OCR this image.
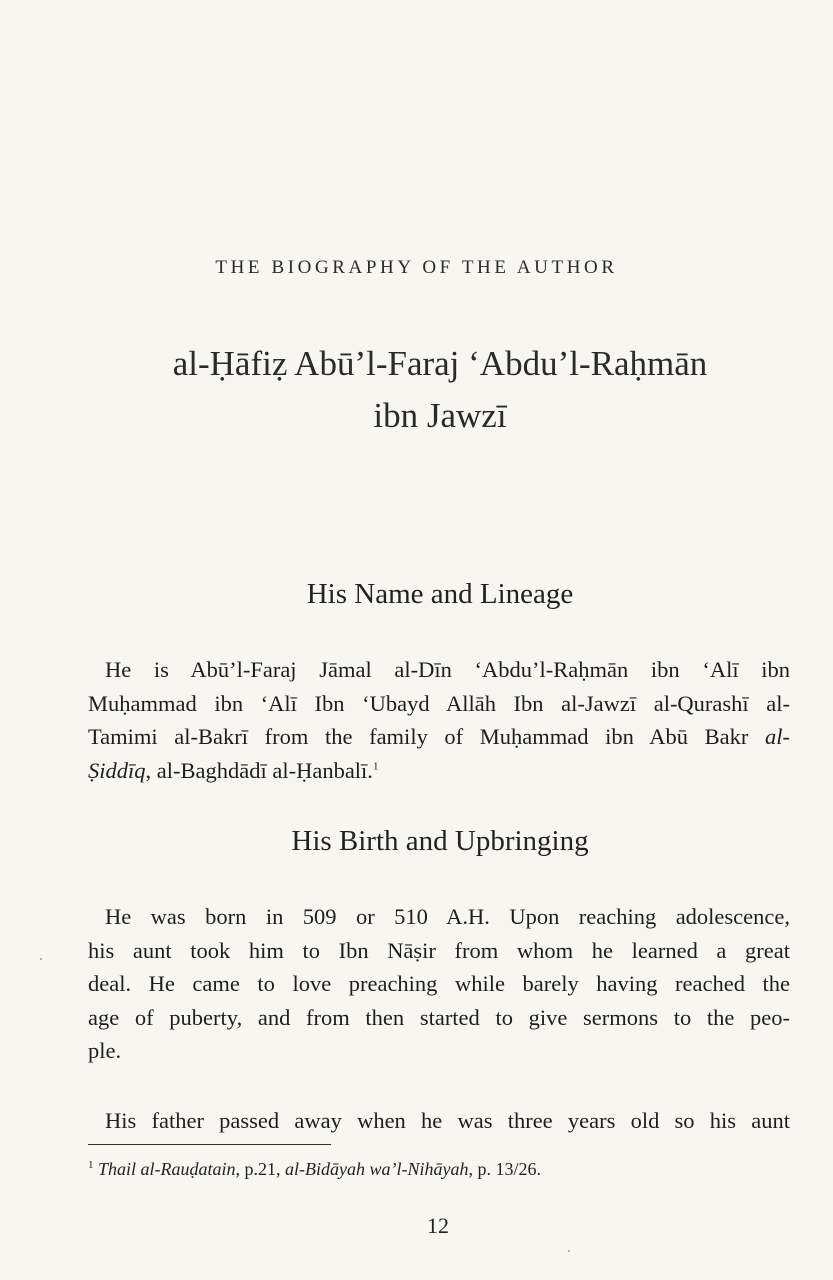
THE BIOGRAPHY OF THE AUTHOR
al-Ḥāfiẓ Abū’l-Faraj ‘Abdu’l-Raḥmān
ibn Jawzī
His Name and Lineage
He is Abū’l-Faraj Jāmal al-Dīn ‘Abdu’l-Raḥmān ibn ‘Alī ibn
Muḥammad ibn ‘Alī Ibn ‘Ubayd Allāh Ibn al-Jawzī al-Qurashī al-
Tamimi al-Bakrī from the family of Muḥammad ibn Abū Bakr al-
Ṣiddīq, al-Baghdādī al-Ḥanbalī.$^1$
His Birth and Upbringing
He was born in 509 or 510 A.H. Upon reaching adolescence,
his aunt took him to Ibn Nāṣir from whom he learned a great
deal. He came to love preaching while barely having reached the
age of puberty, and from then started to give sermons to the peo-
ple.
His father passed away when he was three years old so his aunt
$^1$ Thail al-Rauḍatain, p.21, al-Bidāyah wa’l-Nihāyah, p. 13/26.
12
